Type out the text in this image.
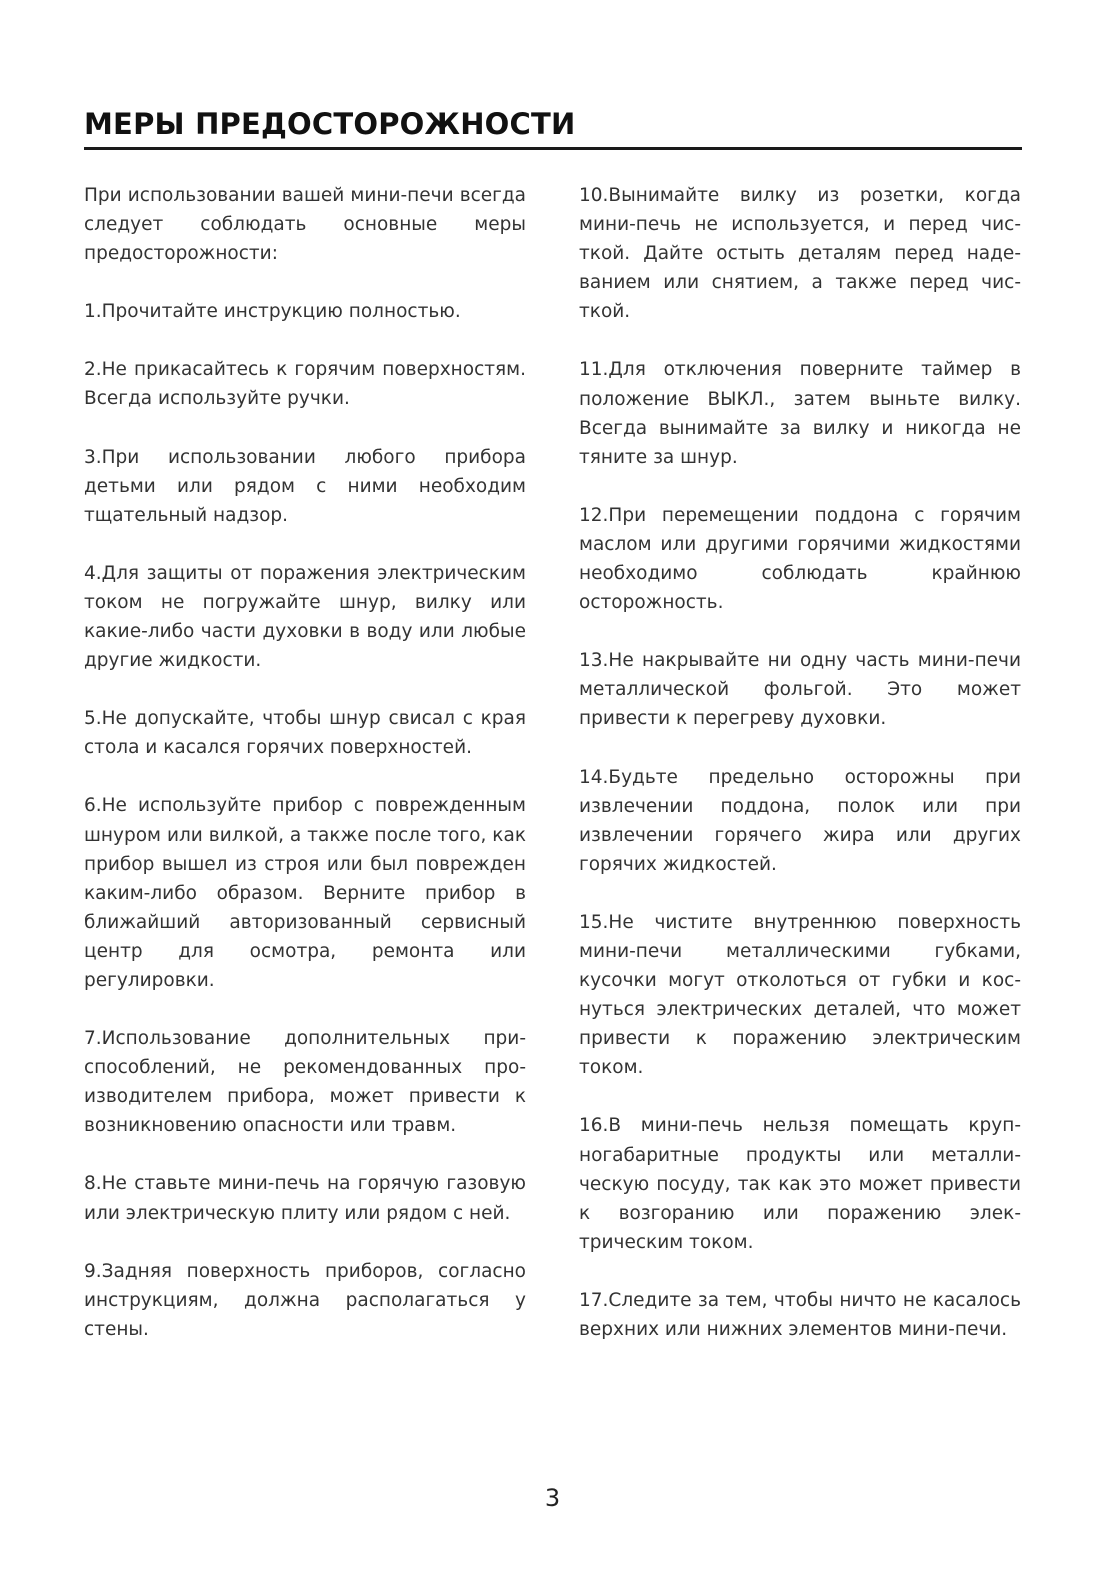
МЕРЫ ПРЕДОСТОРОЖНОСТИ

При использовании вашей мини-печи всегда следует соблюдать основные меры предосторожности:

1.Прочитайте инструкцию полностью.

2.Не прикасайтесь к горячим поверхностям. Всегда используйте ручки.

3.При использовании любого прибора детьми или рядом с ними необходим тщательный надзор.

4.Для защиты от поражения электрическим током не погружайте шнур, вилку или какие-либо части духовки в воду или любые другие жидкости.

5.Не допускайте, чтобы шнур свисал с края стола и касался горячих поверхностей.

6.Не используйте прибор с поврежденным шнуром или вилкой, а также после того, как прибор вышел из строя или был поврежден каким-либо образом. Верните прибор в ближайший авторизованный сервисный центр для осмотра, ремонта или регулировки.

7.Использование дополнительных приспособлений, не рекомендованных производителем прибора, может привести к возникновению опасности или травм.

8.Не ставьте мини-печь на горячую газовую или электрическую плиту или рядом с ней.

9.Задняя поверхность приборов, согласно инструкциям, должна располагаться у стены.

10.Вынимайте вилку из розетки, когда мини-печь не используется, и перед чисткой. Дайте остыть деталям перед надеванием или снятием, а также перед чисткой.

11.Для отключения поверните таймер в положение ВЫКЛ., затем выньте вилку. Всегда вынимайте за вилку и никогда не тяните за шнур.

12.При перемещении поддона с горячим маслом или другими горячими жидкостями необходимо соблюдать крайнюю осторожность.

13.Не накрывайте ни одну часть мини-печи металлической фольгой. Это может привести к перегреву духовки.

14.Будьте предельно осторожны при извлечении поддона, полок или при извлечении горячего жира или других горячих жидкостей.

15.Не чистите внутреннюю поверхность мини-печи металлическими губками, кусочки могут отколоться от губки и коснуться электрических деталей, что может привести к поражению электрическим током.

16.В мини-печь нельзя помещать крупногабаритные продукты или металлическую посуду, так как это может привести к возгоранию или поражению электрическим током.

17.Следите за тем, чтобы ничто не касалось верхних или нижних элементов мини-печи.

3
